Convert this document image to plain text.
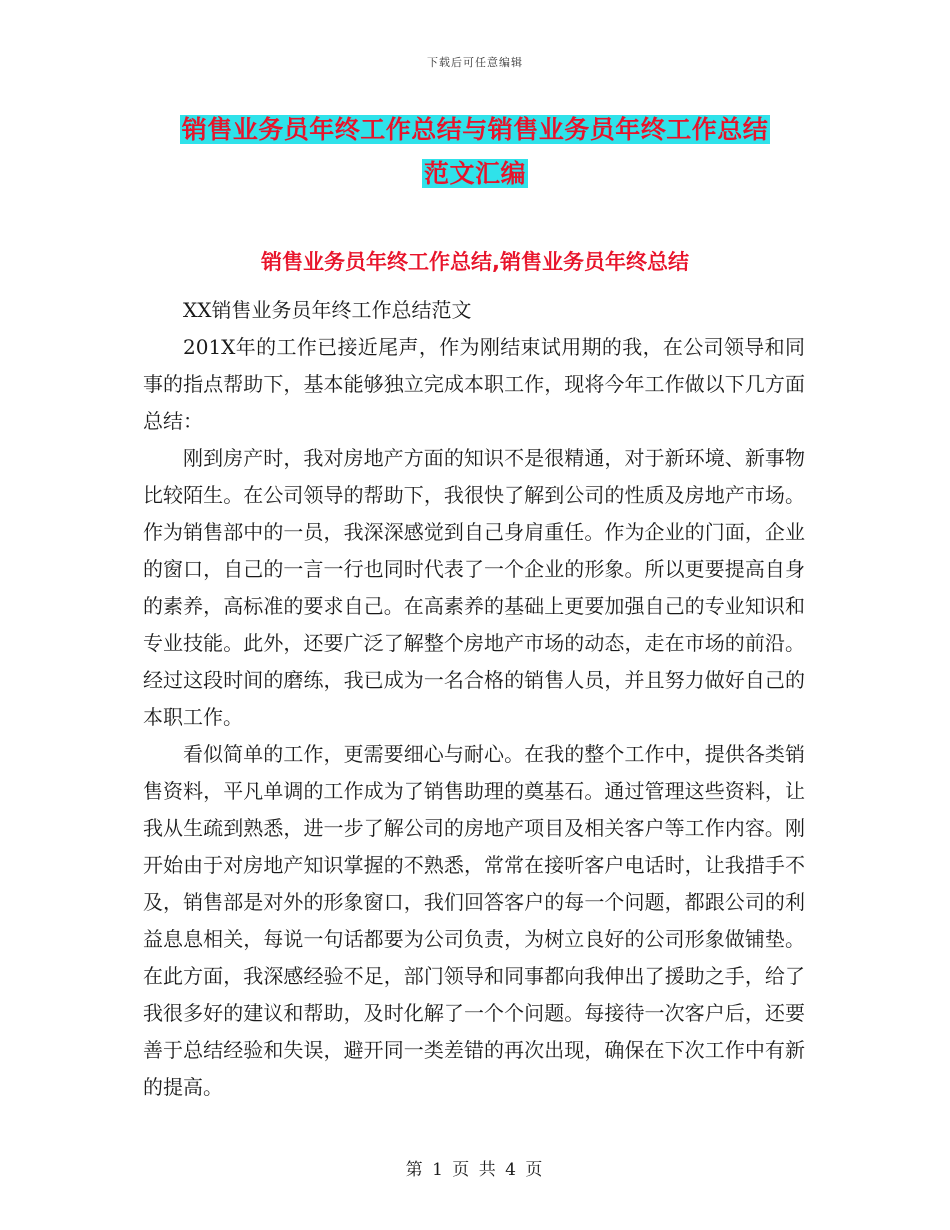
下载后可任意编辑
销售业务员年终工作总结与销售业务员年终工作总结
范文汇编
销售业务员年终工作总结,销售业务员年终总结

XX销售业务员年终工作总结范文

201X年的工作已接近尾声，作为刚结束试用期的我，在公司领导和同事的指点帮助下，基本能够独立完成本职工作，现将今年工作做以下几方面总结：

刚到房产时，我对房地产方面的知识不是很精通，对于新环境、新事物比较陌生。在公司领导的帮助下，我很快了解到公司的性质及房地产市场。作为销售部中的一员，我深深感觉到自己身肩重任。作为企业的门面，企业的窗口，自己的一言一行也同时代表了一个企业的形象。所以更要提高自身的素养，高标准的要求自己。在高素养的基础上更要加强自己的专业知识和专业技能。此外，还要广泛了解整个房地产市场的动态，走在市场的前沿。经过这段时间的磨练，我已成为一名合格的销售人员，并且努力做好自己的本职工作。

看似简单的工作，更需要细心与耐心。在我的整个工作中，提供各类销售资料，平凡单调的工作成为了销售助理的奠基石。通过管理这些资料，让我从生疏到熟悉，进一步了解公司的房地产项目及相关客户等工作内容。刚开始由于对房地产知识掌握的不熟悉，常常在接听客户电话时，让我措手不及，销售部是对外的形象窗口，我们回答客户的每一个问题，都跟公司的利益息息相关，每说一句话都要为公司负责，为树立良好的公司形象做铺垫。在此方面，我深感经验不足，部门领导和同事都向我伸出了援助之手，给了我很多好的建议和帮助，及时化解了一个个问题。每接待一次客户后，还要善于总结经验和失误，避开同一类差错的再次出现，确保在下次工作中有新的提高。

第 1 页 共 4 页
